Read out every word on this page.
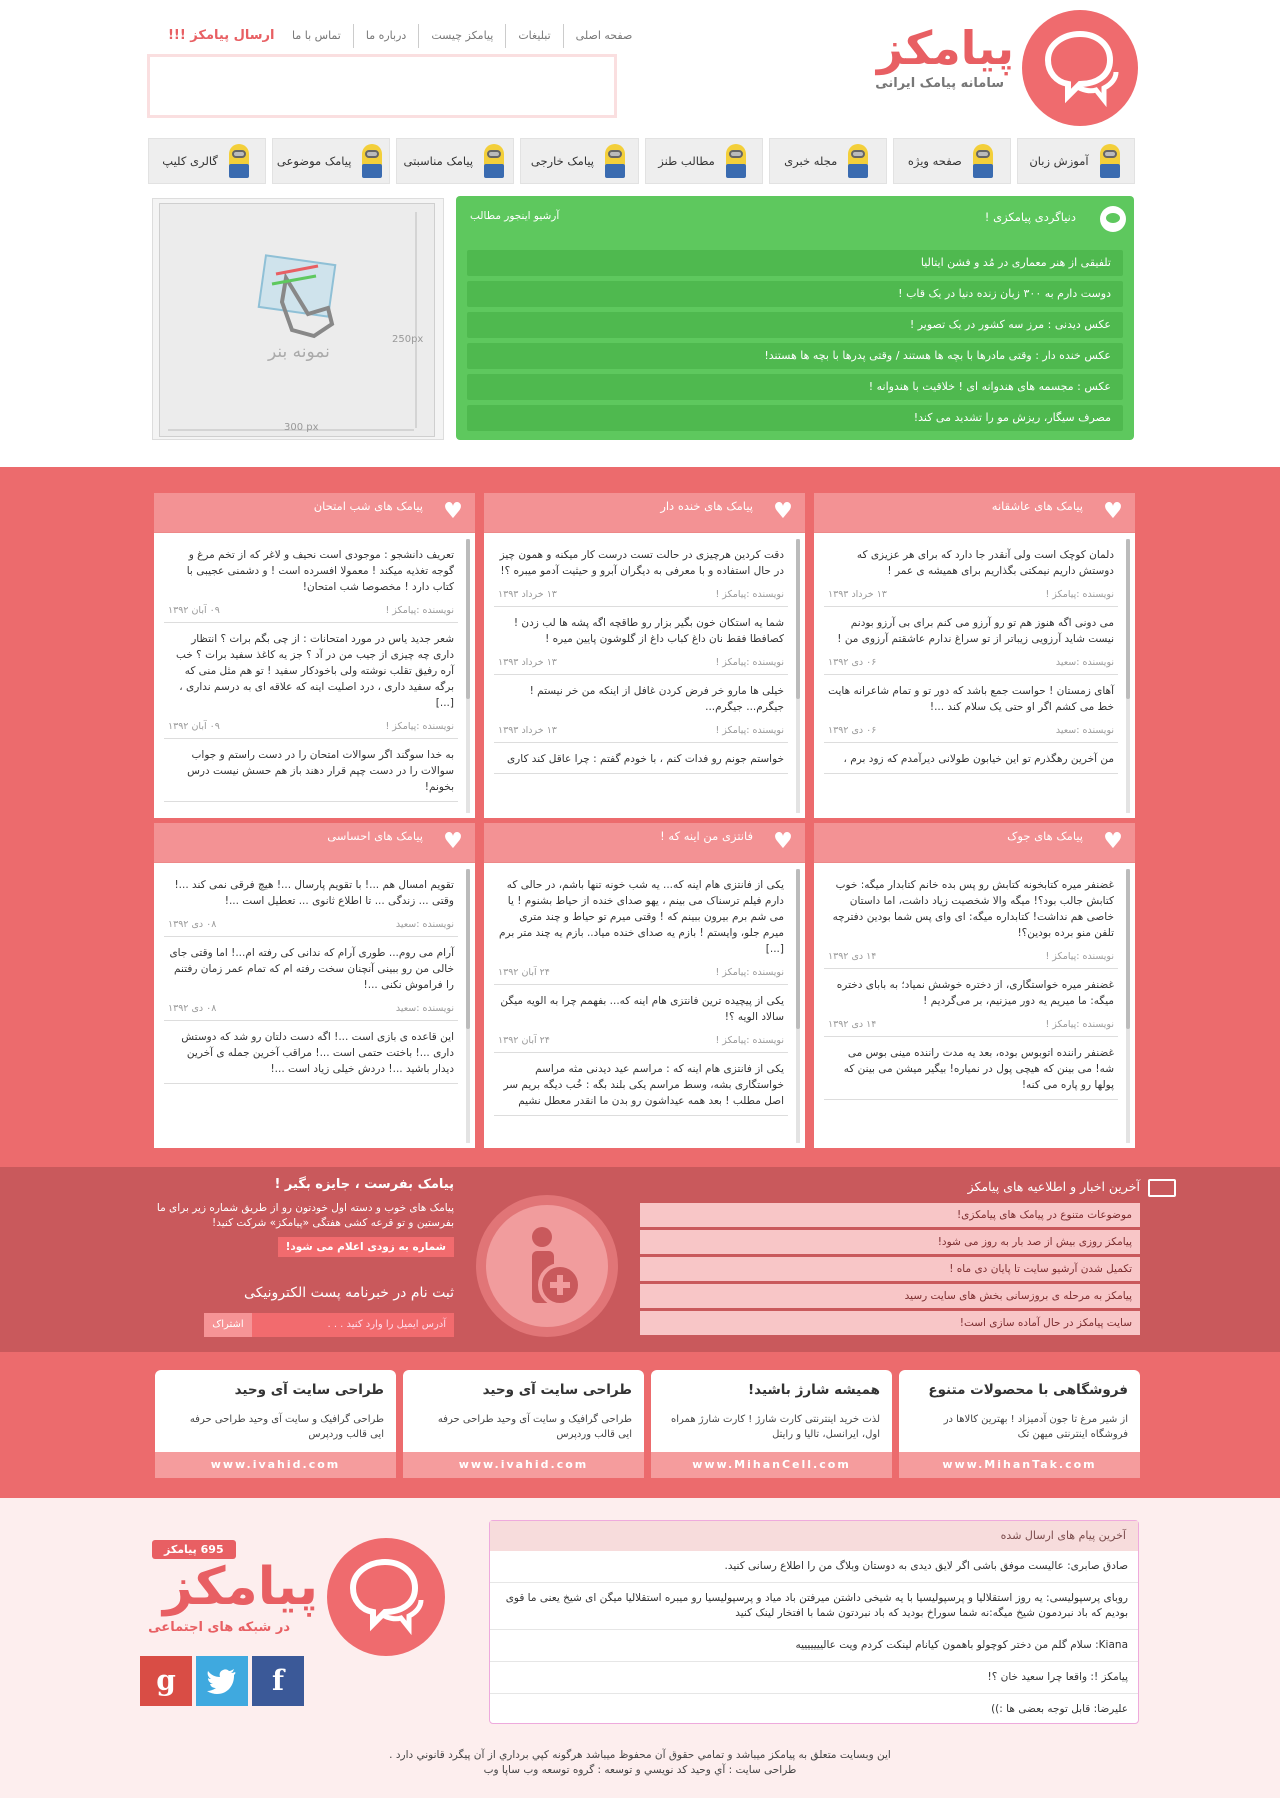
پیامکز
سامانه پیامک ایرانی
صفحه اصلی
تبلیغات
پیامکز چیست
درباره ما
تماس با ما
ارسال پیامکز !!!
آموزش زبان
صفحه ویژه
مجله خبری
مطالب طنز
پیامک خارجی
پیامک مناسبتی
پیامک موضوعی
گالری کلیپ
دنیاگردی پیامکزی !
آرشیو اینجور مطالب
تلفیقی از هنر معماری در مُد و فشن ایتالیا
دوست دارم به ۳۰۰ زبان زنده دنیا در یک قاب !
عکس دیدنی : مرز سه کشور در یک تصویر !
عکس خنده دار : وقتی مادرها با بچه ها هستند / وقتی پدرها با بچه ها هستند!
عکس : مجسمه های هندوانه ای ! خلاقیت با هندوانه !
مصرف سیگار، ریزش مو را تشدید می کند!
نمونه بنر
300 px
250px
♥
پیامک های عاشقانه
دلمان کوچک است ولی آنقدر جا دارد که برای هر عزیزی که دوستش داریم نیمکتی بگذاریم برای همیشه ی عمر !
نویسنده :پیامکز !
۱۳ خرداد ۱۳۹۳
می دونی اگه هنوز هم تو رو آرزو می کنم برای بی آرزو بودنم نیست شاید آرزویی زیباتر از تو سراغ ندارم عاشقتم آرزوی من !
نویسنده :سعید
۰۶ دی ۱۳۹۲
آهای زمستان ! حواست جمع باشد که دور تو و تمام شاعرانه هایت خط می کشم اگر او حتی یک سلام کند ...!
نویسنده :سعید
۰۶ دی ۱۳۹۲
من آخرین رهگذرم تو این خیابون طولانی دیرآمدم که زود برم ،
♥
پیامک های خنده دار
دقت کردین هرچیزی در حالت تست درست کار میکنه و همون چیز در حال استفاده و با معرفی به دیگران آبرو و حیثیت آدمو میبره ؟!
نویسنده :پیامکز !
۱۳ خرداد ۱۳۹۳
شما یه استکان خون بگیر بزار رو طاقچه اگه پشه ها لب زدن ! کصافطا فقط نان داغ کباب داغ از گلوشون پایین میره !
نویسنده :پیامکز !
۱۳ خرداد ۱۳۹۳
خیلی ها مارو خر فرض کردن غافل از اینکه من خر نیستم ! جیگرم... جیگرم...
نویسنده :پیامکز !
۱۳ خرداد ۱۳۹۳
خواستم جونم رو فدات کنم ، با خودم گفتم : چرا عاقل کند کاری
♥
پیامک های شب امتحان
تعریف دانشجو : موجودی است نحیف و لاغر که از تخم مرغ و گوجه تغذیه میکند ! معمولا افسرده است ! و دشمنی عجیبی با کتاب دارد ! مخصوصا شب امتحان!
نویسنده :پیامکز !
۰۹ آبان ۱۳۹۲
شعر جدید یاس در مورد امتحانات : از چی بگم برات ؟ انتظار داری چه چیزی از جیب من در آد ؟ جز یه کاغذ سفید برات ؟ خب آره رفیق تقلب نوشته ولی باخودکار سفید ! تو هم مثل منی که برگه سفید داری ، درد اصلیت اینه که علاقه ای به درسم نداری ، [...]
نویسنده :پیامکز !
۰۹ آبان ۱۳۹۲
به خدا سوگند اگر سوالات امتحان را در دست راستم و جواب سوالات را در دست چپم قرار دهند باز هم حسش نیست درس بخونم!
♥
پیامک های جوک
غضنفر میره کتابخونه کتابش رو پس بده خانم کتابدار میگه: خوب کتابش جالب بود؟! میگه والا شخصیت زیاد داشت، اما داستان خاصی هم نداشت! کتابداره میگه: ای وای پس شما بودین دفترچه تلفن منو برده بودین؟!
نویسنده :پیامکز !
۱۴ دی ۱۳۹۲
غضنفر میره خواستگاری، از دختره خوشش نمیاد؛ به بابای دختره میگه: ما میریم یه دور میزنیم، بر می‌گردیم !
نویسنده :پیامکز !
۱۴ دی ۱۳۹۲
غضنفر راننده اتوبوس بوده، بعد یه مدت راننده مینی بوس می شه! می بینن که هیچی پول در نمیاره! بیگیر میشن می بینن که پولها رو پاره می کنه!
♥
فانتزی من اینه که !
یکی از فانتزی هام اینه که... یه شب خونه تنها باشم، در حالی که دارم فیلم ترسناک می بینم ، یهو صدای خنده از حیاط بشنوم ! یا می شم برم بیرون ببینم که ! وقتی میرم تو حیاط و چند متری میرم جلو، وایستم ! بازم یه صدای خنده میاد.. بازم یه چند متر برم [...]
نویسنده :پیامکز !
۲۴ آبان ۱۳۹۲
یکی از پیچیده ترین فانتزی هام اینه که... بفهمم چرا به الویه میگن سالاد الویه ؟!
نویسنده :پیامکز !
۲۴ آبان ۱۳۹۲
یکی از فانتزی هام اینه که : مراسم عید دیدنی مثه مراسم خواستگاری بشه، وسط مراسم یکی بلند بگه : خُب دیگه بریم سر اصل مطلب ! بعد همه عیداشون رو بدن ما انقدر معطل نشیم
♥
پیامک های احساسی
تقویم امسال هم ...! با تقویم پارسال ...! هیچ فرقی نمی کند ...! وقتی ... زندگی ... تا اطلاع ثانوی ... تعطیل است ...!
نویسنده :سعید
۰۸ دی ۱۳۹۲
آرام می روم... طوری آرام که ندانی کی رفته ام...! اما وقتی جای خالی من رو ببینی آنچنان سخت رفته ام که تمام عمر زمان رفتنم را فراموش نکنی ...!
نویسنده :سعید
۰۸ دی ۱۳۹۲
این قاعده ی بازی است ...! اگه دست دلتان رو شد که دوستش داری ...! باختت حتمی است ...! مراقب آخرین جمله ی آخرین دیدار باشید ...! دردش خیلی زیاد است ...!
آخرین اخبار و اطلاعیه های پیامکز
موضوعات متنوع در پیامک های پیامکزی!
پیامکز روزی بیش از صد بار به روز می شود!
تکمیل شدن آرشیو سایت تا پایان دی ماه !
پیامکز به مرحله ی بروزسانی بخش های سایت رسید
سایت پیامکز در حال آماده سازی است!
پیامک بفرست ، جایزه بگیر !
پیامک های خوب و دسته اول خودتون رو از طریق شماره زیر برای ما بفرستین و تو قرعه کشی هفتگی «پیامکز» شرکت کنید!
شماره به زودی اعلام می شود!
ثبت نام در خبرنامه پست الکترونیکی
آدرس ایمیل را وارد کنید . . .
اشتراک
فروشگاهی با محصولات متنوع
از شیر مرغ تا جون آدمیزاد ! بهترین کالاها در فروشگاه اینترنتی میهن تک
www.MihanTak.com
همیشه شارژ باشید!
لذت خرید اینترنتی کارت شارژ ! کارت شارژ همراه اول، ایرانسل، تالیا و رایتل
www.MihanCell.com
طراحی سایت آی وحید
طراحی گرافیک و سایت آی وحید طراحی حرفه ایی قالب وردپرس
www.ivahid.com
طراحی سایت آی وحید
طراحی گرافیک و سایت آی وحید طراحی حرفه ایی قالب وردپرس
www.ivahid.com
آخرین پیام های ارسال شده
صادق صابری: عالیست موفق باشی اگر لایق دیدی به دوستان وبلاگ من را اطلاع رسانی کنید.
روبای پرسپولیسی: یه روز استقلالیا و پرسپولیسیا با یه شیخی داشتن میرفتن باد میاد و پرسپولیسیا رو میبره استقلالیا میگن ای شیخ یعنی ما قوی بودیم که باد نبردمون شیخ میگه:نه شما سوراخ بودید که باد نبردتون شما با افتخار لینک کنید
Kiana: سلام گلم من دختر کوچولو باهمون کیانام لینکت کردم ویت عالیییییییه
پیامکز !: واقعا چرا سعید خان ؟!
علیرضا: قابل توجه بعضی ها :))
695 پیامکز
پیامکز
در شبکه های اجتماعی
g	f
این وبسایت متعلق به پیامکز میباشد و تمامي حقوق آن محفوظ میباشد هرگونه کپي برداري از آن پيگرد قانوني دارد .
طراحی سایت : آي وحيد كد نويسي و توسعه : گروه توسعه وب ساپا وب
